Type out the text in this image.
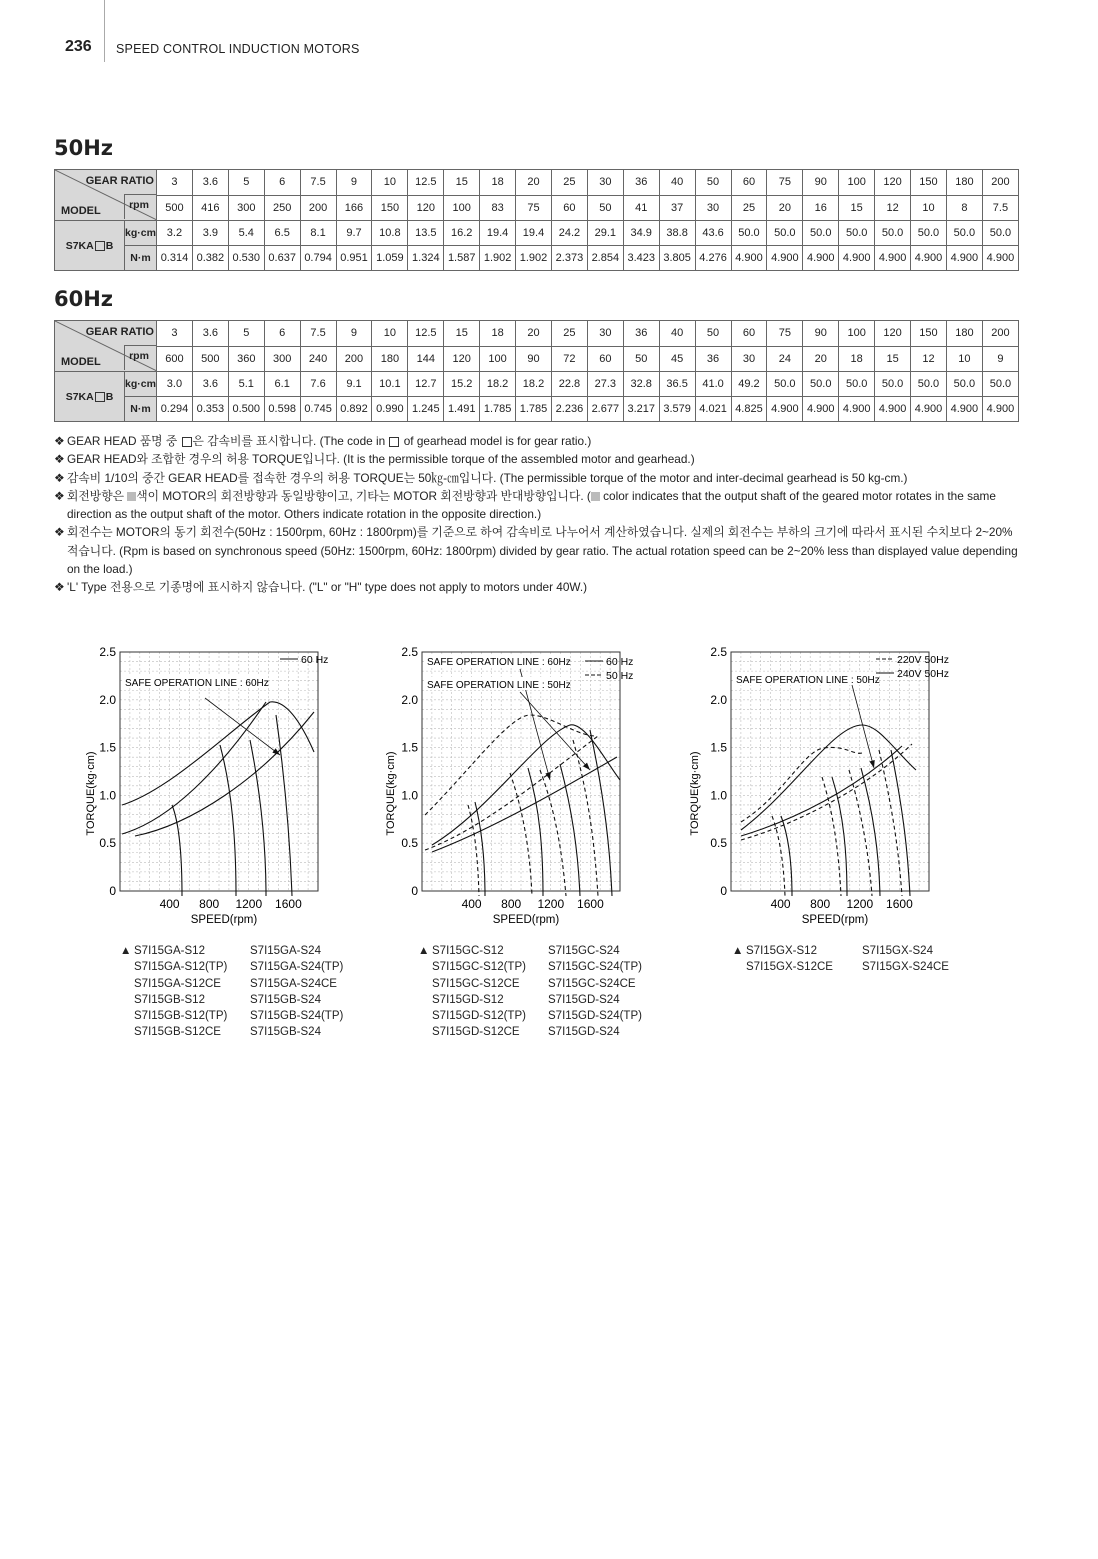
236 SPEED CONTROL INDUCTION MOTORS
50Hz
GEAR RATIO
MODEL		3	3.6	5	6	7.5	9	10	12.5	15	18	20	25	30	36	40	50	60	75	90	100	120	150	180	200
		500	416	300	250	200	166	150	120	100	83	75	60	50	41	37	30	25	20	16	15	12	10	8	7.5
S7KA B	kg·cm	3.2	3.9	5.4	6.5	8.1	9.7	10.8	13.5	16.2	19.4	19.4	24.2	29.1	34.9	38.8	43.6	50.0	50.0	50.0	50.0	50.0	50.0	50.0	50.0
	N·m	0.314	0.382	0.530	0.637	0.794	0.951	1.059	1.324	1.587	1.902	1.902	2.373	2.854	3.423	3.805	4.276	4.900	4.900	4.900	4.900	4.900	4.900	4.900	4.900
60Hz
GEAR RATIO
MODEL		3	3.6	5	6	7.5	9	10	12.5	15	18	20	25	30	36	40	50	60	75	90	100	120	150	180	200
		600	500	360	300	240	200	180	144	120	100	90	72	60	50	45	36	30	24	20	18	15	12	10	9
S7KA B	kg·cm	3.0	3.6	5.1	6.1	7.6	9.1	10.1	12.7	15.2	18.2	18.2	22.8	27.3	32.8	36.5	41.0	49.2	50.0	50.0	50.0	50.0	50.0	50.0	50.0
	N·m	0.294	0.353	0.500	0.598	0.745	0.892	0.990	1.245	1.491	1.785	1.785	2.236	2.677	3.217	3.579	4.021	4.825	4.900	4.900	4.900	4.900	4.900	4.900	4.900
❖ GEAR HEAD 품명 중 은 감속비를 표시합니다. (The code in  of gearhead model is for gear ratio.)
❖ GEAR HEAD와 조합한 경우의 허용 TORQUE입니다. (It is the permissible torque of the assembled motor and gearhead.)
❖ 감속비 1/10의 중간 GEAR HEAD를 접속한 경우의 허용 TORQUE는 50㎏-㎝입니다. (The permissible torque of the motor and inter-decimal gearhead is 50 kg-cm.)
❖ 회전방향은 색이 MOTOR의 회전방향과 동일방향이고, 기타는 MOTOR 회전방향과 반대방향입니다. ( color indicates that the output shaft of the geared motor rotates in the same direction as the output shaft of the motor. Others indicate rotation in the opposite direction.)
❖ 회전수는 MOTOR의 동기 회전수(50Hz : 1500rpm, 60Hz : 1800rpm)를 기준으로 하여 감속비로 나누어서 계산하였습니다. 실제의 회전수는 부하의 크기에 따라서 표시된 수치보다 2~20% 적습니다. (Rpm is based on synchronous speed (50Hz: 1500rpm, 60Hz: 1800rpm) divided by gear ratio. The actual rotation speed can be 2~20% less than displayed value depending on the load.)
❖ 'L' Type 전용으로 기종명에 표시하지 않습니다. ("L" or "H" type does not apply to motors under 40W.)
2.5
2.0
1.5
1.0
0.5
0
400 800 1200 1600
SPEED(rpm)
TORQUE(kg·cm)
SAFE OPERATION LINE : 60Hz
60 Hz
2.5
2.0
1.5
1.0
0.5
0
400 800 1200 1600
SPEED(rpm)
TORQUE(kg·cm)
SAFE OPERATION LINE : 60Hz
SAFE OPERATION LINE : 50Hz
60 Hz
50 Hz
2.5
2.0
1.5
1.0
0.5
0
400 800 1200 1600
SPEED(rpm)
TORQUE(kg·cm)
SAFE OPERATION LINE : 50Hz
220V 50Hz
240V 50Hz
▲ S7I15GA-S12
S7I15GA-S12(TP)
S7I15GA-S12CE
S7I15GB-S12
S7I15GB-S12(TP)
S7I15GB-S12CE
S7I15GA-S24
S7I15GA-S24(TP)
S7I15GA-S24CE
S7I15GB-S24
S7I15GB-S24(TP)
S7I15GB-S24
▲ S7I15GC-S12
S7I15GC-S12(TP)
S7I15GC-S12CE
S7I15GD-S12
S7I15GD-S12(TP)
S7I15GD-S12CE
S7I15GC-S24
S7I15GC-S24(TP)
S7I15GC-S24CE
S7I15GD-S24
S7I15GD-S24(TP)
S7I15GD-S24
▲ S7I15GX-S12
S7I15GX-S12CE
S7I15GX-S24
S7I15GX-S24CE
rpm
rpm
